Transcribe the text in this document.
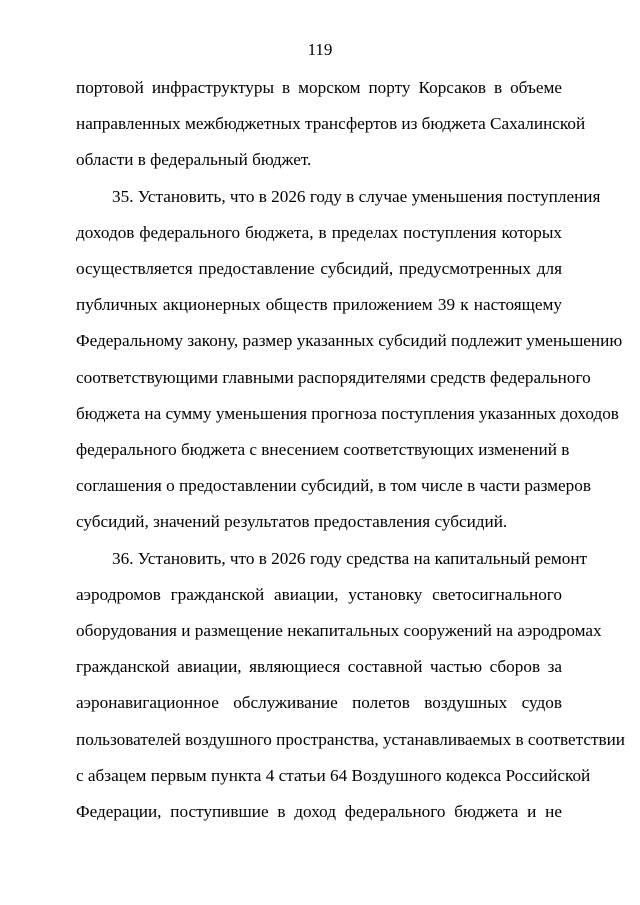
119

портовой инфраструктуры в морском порту Корсаков в объеме
направленных межбюджетных трансфертов из бюджета Сахалинской
области в федеральный бюджет.

35. Установить, что в 2026 году в случае уменьшения поступления
доходов федерального бюджета, в пределах поступления которых
осуществляется предоставление субсидий, предусмотренных для
публичных акционерных обществ приложением 39 к настоящему
Федеральному закону, размер указанных субсидий подлежит уменьшению
соответствующими главными распорядителями средств федерального
бюджета на сумму уменьшения прогноза поступления указанных доходов
федерального бюджета с внесением соответствующих изменений в
соглашения о предоставлении субсидий, в том числе в части размеров
субсидий, значений результатов предоставления субсидий.

36. Установить, что в 2026 году средства на капитальный ремонт
аэродромов гражданской авиации, установку светосигнального
оборудования и размещение некапитальных сооружений на аэродромах
гражданской авиации, являющиеся составной частью сборов за
аэронавигационное обслуживание полетов воздушных судов
пользователей воздушного пространства, устанавливаемых в соответствии
с абзацем первым пункта 4 статьи 64 Воздушного кодекса Российской
Федерации, поступившие в доход федерального бюджета и не
